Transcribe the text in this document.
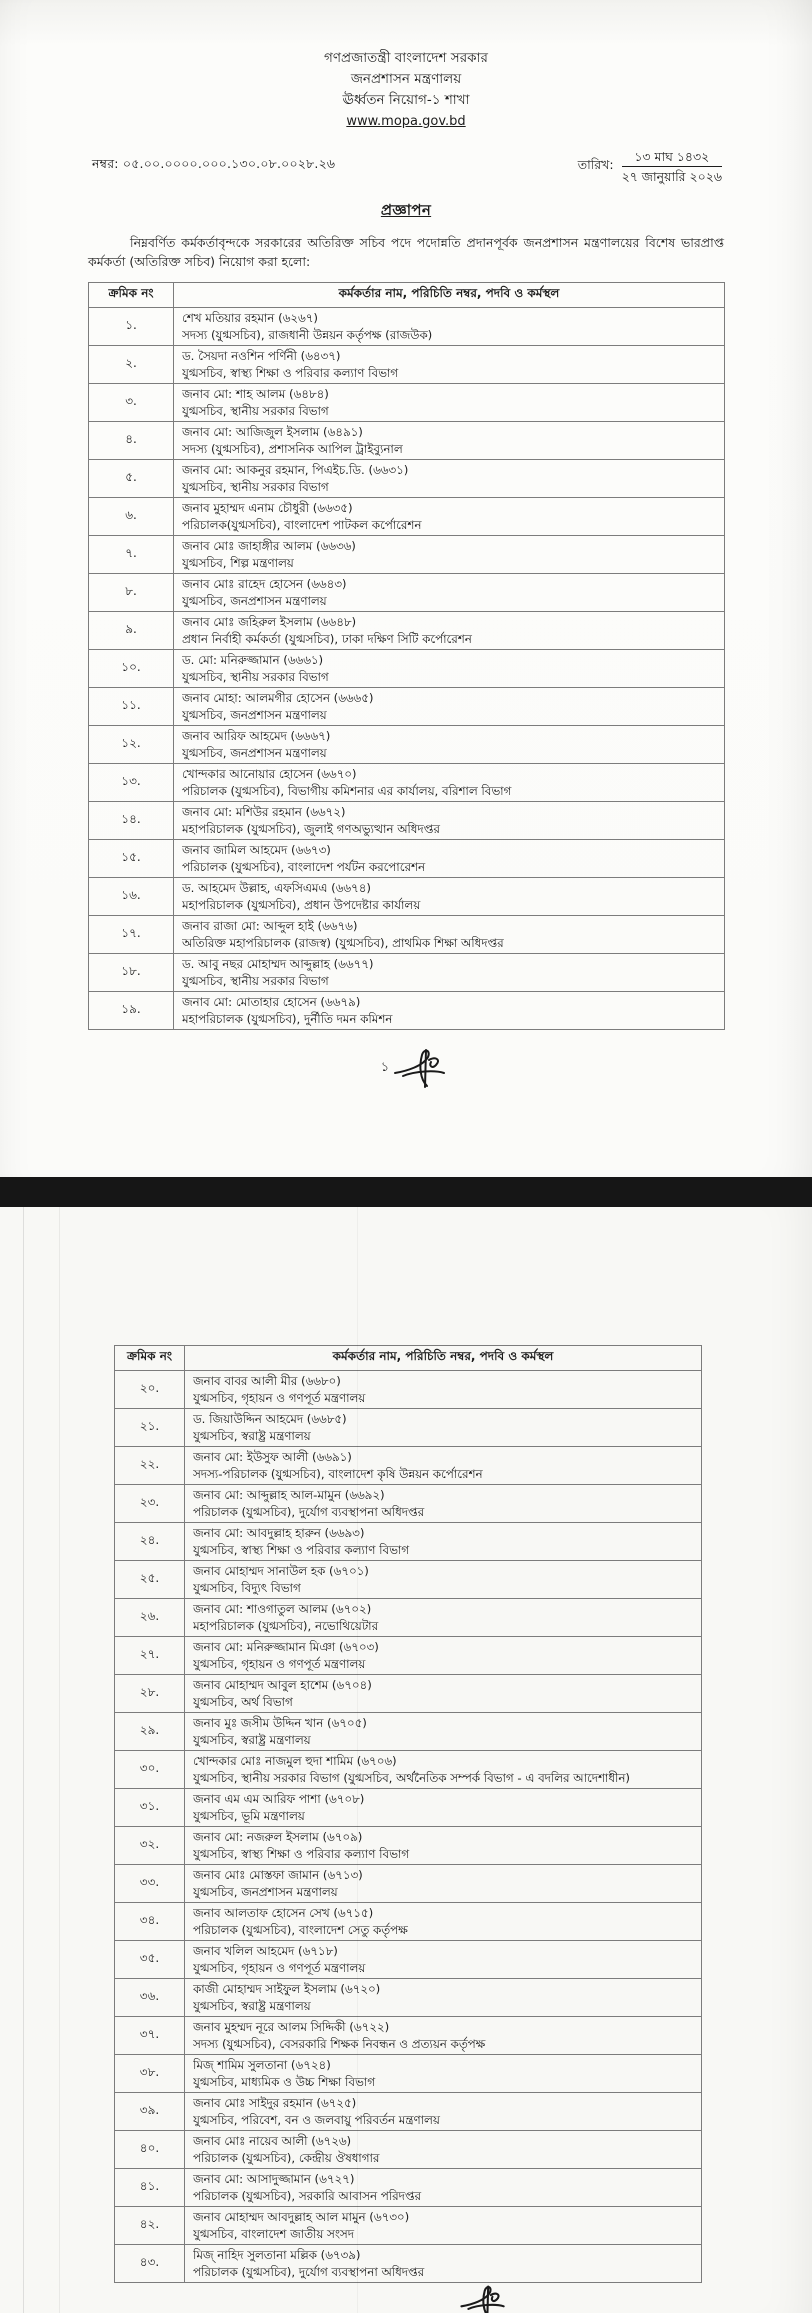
গণপ্রজাতন্ত্রী বাংলাদেশ সরকার
জনপ্রশাসন মন্ত্রণালয়
ঊর্ধ্বতন নিয়োগ-১ শাখা
www.mopa.gov.bd
নম্বর: ০৫.০০.০০০০.০০০.১৩০.০৮.০০২৮.২৬	তারিখ:	১৩ মাঘ ১৪৩২
২৭ জানুয়ারি ২০২৬
প্রজ্ঞাপন

নিম্নবর্ণিত কর্মকর্তাবৃন্দকে সরকারের অতিরিক্ত সচিব পদে পদোন্নতি প্রদানপূর্বক জনপ্রশাসন মন্ত্রণালয়ের বিশেষ ভারপ্রাপ্ত কর্মকর্তা (অতিরিক্ত সচিব) নিয়োগ করা হলো:

ক্রমিক নং	কর্মকর্তার নাম, পরিচিতি নম্বর, পদবি ও কর্মস্থল
১.	শেখ মতিয়ার রহমান (৬২৬৭)
সদস্য (যুগ্মসচিব), রাজধানী উন্নয়ন কর্তৃপক্ষ (রাজউক)

২.	ড. সৈয়দা নওশিন পর্ণিনী (৬৪৩৭)
যুগ্মসচিব, স্বাস্থ্য শিক্ষা ও পরিবার কল্যাণ বিভাগ

৩.	জনাব মো: শাহ আলম (৬৪৮৪)
যুগ্মসচিব, স্থানীয় সরকার বিভাগ

৪.	জনাব মো: আজিজুল ইসলাম (৬৪৯১)
সদস্য (যুগ্মসচিব), প্রশাসনিক আপিল ট্রাইব্যুনাল

৫.	জনাব মো: আকনুর রহমান, পিএইচ.ডি. (৬৬৩১)
যুগ্মসচিব, স্থানীয় সরকার বিভাগ

৬.	জনাব মুহাম্মদ এনাম চৌধুরী (৬৬৩৫)
পরিচালক(যুগ্মসচিব), বাংলাদেশ পাটকল কর্পোরেশন

৭.	জনাব মোঃ জাহাঙ্গীর আলম (৬৬৩৬)
যুগ্মসচিব, শিল্প মন্ত্রণালয়

৮.	জনাব মোঃ রাহেদ হোসেন (৬৬৪৩)
যুগ্মসচিব, জনপ্রশাসন মন্ত্রণালয়

৯.	জনাব মোঃ জহিরুল ইসলাম (৬৬৪৮)
প্রধান নির্বাহী কর্মকর্তা (যুগ্মসচিব), ঢাকা দক্ষিণ সিটি কর্পোরেশন

১০.	ড. মো: মনিরুজ্জামান (৬৬৬১)
যুগ্মসচিব, স্থানীয় সরকার বিভাগ

১১.	জনাব মোহা: আলমগীর হোসেন (৬৬৬৫)
যুগ্মসচিব, জনপ্রশাসন মন্ত্রণালয়

১২.	জনাব আরিফ আহমেদ (৬৬৬৭)
যুগ্মসচিব, জনপ্রশাসন মন্ত্রণালয়

১৩.	খোন্দকার আনোয়ার হোসেন (৬৬৭০)
পরিচালক (যুগ্মসচিব), বিভাগীয় কমিশনার এর কার্যালয়, বরিশাল বিভাগ

১৪.	জনাব মো: মশিউর রহমান (৬৬৭২)
মহাপরিচালক (যুগ্মসচিব), জুলাই গণঅভ্যুত্থান অধিদপ্তর

১৫.	জনাব জামিল আহমেদ (৬৬৭৩)
পরিচালক (যুগ্মসচিব), বাংলাদেশ পর্যটন করপোরেশন

১৬.	ড. আহমেদ উল্লাহ, এফসিএমএ (৬৬৭৪)
মহাপরিচালক (যুগ্মসচিব), প্রধান উপদেষ্টার কার্যালয়

১৭.	জনাব রাজা মো: আব্দুল হাই (৬৬৭৬)
অতিরিক্ত মহাপরিচালক (রাজস্ব) (যুগ্মসচিব), প্রাথমিক শিক্ষা অধিদপ্তর

১৮.	ড. আবু নছর মোহাম্মদ আব্দুল্লাহ (৬৬৭৭)
যুগ্মসচিব, স্থানীয় সরকার বিভাগ

১৯.	জনাব মো: মোতাহার হোসেন (৬৬৭৯)
মহাপরিচালক (যুগ্মসচিব), দুর্নীতি দমন কমিশন
১
ক্রমিক নং	কর্মকর্তার নাম, পরিচিতি নম্বর, পদবি ও কর্মস্থল
২০.	জনাব বাবর আলী মীর (৬৬৮০)
যুগ্মসচিব, গৃহায়ন ও গণপূর্ত মন্ত্রণালয়

২১.	ড. জিয়াউদ্দিন আহমেদ (৬৬৮৫)
যুগ্মসচিব, স্বরাষ্ট্র মন্ত্রণালয়

২২.	জনাব মো: ইউসুফ আলী (৬৬৯১)
সদস্য-পরিচালক (যুগ্মসচিব), বাংলাদেশ কৃষি উন্নয়ন কর্পোরেশন

২৩.	জনাব মো: আব্দুল্লাহ আল-মামুন (৬৬৯২)
পরিচালক (যুগ্মসচিব), দুর্যোগ ব্যবস্থাপনা অধিদপ্তর

২৪.	জনাব মো: আবদুল্লাহ হারুন (৬৬৯৩)
যুগ্মসচিব, স্বাস্থ্য শিক্ষা ও পরিবার কল্যাণ বিভাগ

২৫.	জনাব মোহাম্মদ সানাউল হক (৬৭০১)
যুগ্মসচিব, বিদ্যুৎ বিভাগ

২৬.	জনাব মো: শাওগাতুল আলম (৬৭০২)
মহাপরিচালক (যুগ্মসচিব), নভোথিয়েটার

২৭.	জনাব মো: মনিরুজ্জামান মিঞা (৬৭০৩)
যুগ্মসচিব, গৃহায়ন ও গণপূর্ত মন্ত্রণালয়

২৮.	জনাব মোহাম্মদ আবুল হাশেম (৬৭০৪)
যুগ্মসচিব, অর্থ বিভাগ

২৯.	জনাব মুঃ জসীম উদ্দিন খান (৬৭০৫)
যুগ্মসচিব, স্বরাষ্ট্র মন্ত্রণালয়

৩০.	খোন্দকার মোঃ নাজমুল হুদা শামিম (৬৭০৬)
যুগ্মসচিব, স্থানীয় সরকার বিভাগ (যুগ্মসচিব, অর্থনৈতিক সম্পর্ক বিভাগ - এ বদলির আদেশাধীন)

৩১.	জনাব এম এম আরিফ পাশা (৬৭০৮)
যুগ্মসচিব, ভূমি মন্ত্রণালয়

৩২.	জনাব মো: নজরুল ইসলাম (৬৭০৯)
যুগ্মসচিব, স্বাস্থ্য শিক্ষা ও পরিবার কল্যাণ বিভাগ

৩৩.	জনাব মোঃ মোস্তফা জামান (৬৭১৩)
যুগ্মসচিব, জনপ্রশাসন মন্ত্রণালয়

৩৪.	জনাব আলতাফ হোসেন সেখ (৬৭১৫)
পরিচালক (যুগ্মসচিব), বাংলাদেশ সেতু কর্তৃপক্ষ

৩৫.	জনাব খলিল আহমেদ (৬৭১৮)
যুগ্মসচিব, গৃহায়ন ও গণপূর্ত মন্ত্রণালয়

৩৬.	কাজী মোহাম্মদ সাইফুল ইসলাম (৬৭২০)
যুগ্মসচিব, স্বরাষ্ট্র মন্ত্রণালয়

৩৭.	জনাব মুহম্মদ নূরে আলম সিদ্দিকী (৬৭২২)
সদস্য (যুগ্মসচিব), বেসরকারি শিক্ষক নিবন্ধন ও প্রত্যয়ন কর্তৃপক্ষ

৩৮.	মিজ্ শামিম সুলতানা (৬৭২৪)
যুগ্মসচিব, মাধ্যমিক ও উচ্চ শিক্ষা বিভাগ

৩৯.	জনাব মোঃ সাইদুর রহমান (৬৭২৫)
যুগ্মসচিব, পরিবেশ, বন ও জলবায়ু পরিবর্তন মন্ত্রণালয়

৪০.	জনাব মোঃ নায়েব আলী (৬৭২৬)
পরিচালক (যুগ্মসচিব), কেন্দ্রীয় ঔষধাগার

৪১.	জনাব মো: আসাদুজ্জামান (৬৭২৭)
পরিচালক (যুগ্মসচিব), সরকারি আবাসন পরিদপ্তর

৪২.	জনাব মোহাম্মদ আবদুল্লাহ আল মামুন (৬৭৩০)
যুগ্মসচিব, বাংলাদেশ জাতীয় সংসদ

৪৩.	মিজ্ নাহিদ সুলতানা মল্লিক (৬৭৩৯)
পরিচালক (যুগ্মসচিব), দুর্যোগ ব্যবস্থাপনা অধিদপ্তর
